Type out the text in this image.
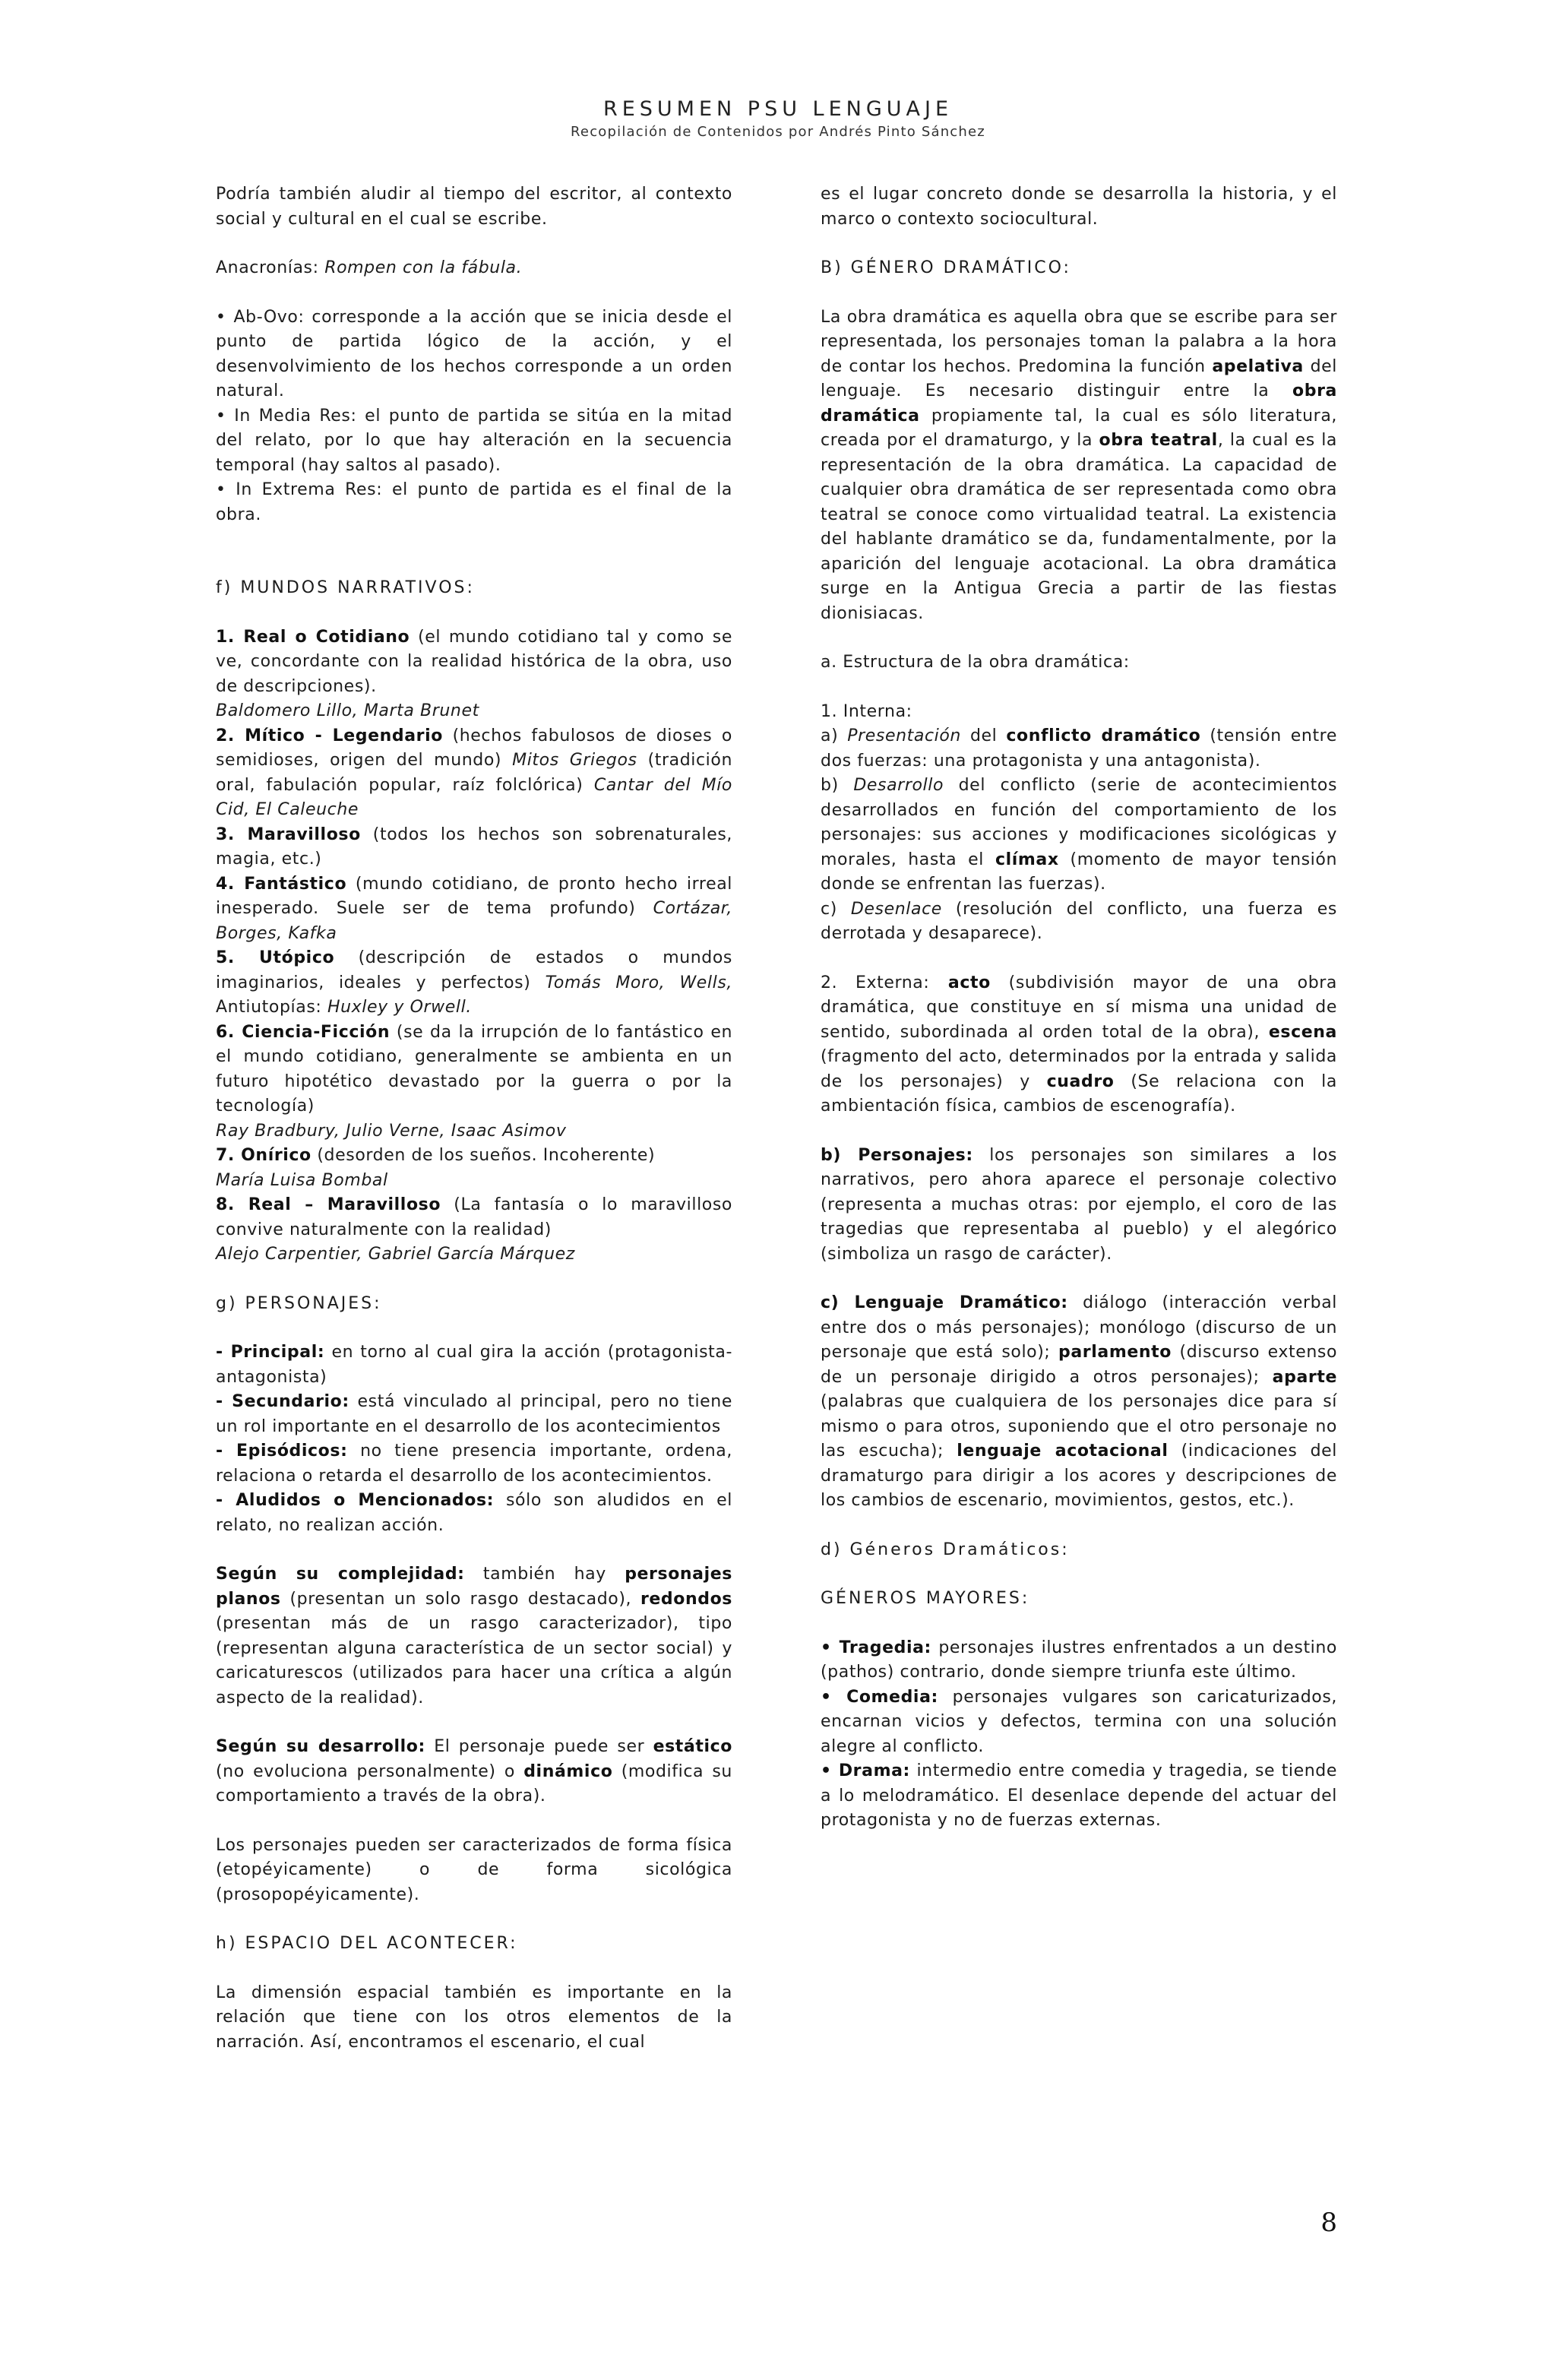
RESUMEN PSU LENGUAJE
Recopilación de Contenidos por Andrés Pinto Sánchez

Podría también aludir al tiempo del escritor, al contexto social y cultural en el cual se escribe.

Anacronías: Rompen con la fábula.

• Ab-Ovo: corresponde a la acción que se inicia desde el punto de partida lógico de la acción, y el desenvolvimiento de los hechos corresponde a un orden natural.

• In Media Res: el punto de partida se sitúa en la mitad del relato, por lo que hay alteración en la secuencia temporal (hay saltos al pasado).

• In Extrema Res: el punto de partida es el final de la obra.

f) MUNDOS NARRATIVOS:

1. Real o Cotidiano (el mundo cotidiano tal y como se ve, concordante con la realidad histórica de la obra, uso de descripciones).

Baldomero Lillo, Marta Brunet

2. Mítico - Legendario (hechos fabulosos de dioses o semidioses, origen del mundo) Mitos Griegos (tradición oral, fabulación popular, raíz folclórica) Cantar del Mío Cid, El Caleuche

3. Maravilloso (todos los hechos son sobrenaturales, magia, etc.)

4. Fantástico (mundo cotidiano, de pronto hecho irreal inesperado. Suele ser de tema profundo) Cortázar, Borges, Kafka

5. Utópico (descripción de estados o mundos imaginarios, ideales y perfectos) Tomás Moro, Wells, Antiutopías: Huxley y Orwell.

6. Ciencia-Ficción (se da la irrupción de lo fantástico en el mundo cotidiano, generalmente se ambienta en un futuro hipotético devastado por la guerra o por la tecnología)

Ray Bradbury, Julio Verne, Isaac Asimov

7. Onírico (desorden de los sueños. Incoherente)

María Luisa Bombal

8. Real – Maravilloso (La fantasía o lo maravilloso convive naturalmente con la realidad)

Alejo Carpentier, Gabriel García Márquez

g) PERSONAJES:

- Principal: en torno al cual gira la acción (protagonista-antagonista)

- Secundario: está vinculado al principal, pero no tiene un rol importante en el desarrollo de los acontecimientos

- Episódicos: no tiene presencia importante, ordena, relaciona o retarda el desarrollo de los acontecimientos.

- Aludidos o Mencionados: sólo son aludidos en el relato, no realizan acción.

Según su complejidad: también hay personajes planos (presentan un solo rasgo destacado), redondos (presentan más de un rasgo caracterizador), tipo (representan alguna característica de un sector social) y caricaturescos (utilizados para hacer una crítica a algún aspecto de la realidad).

Según su desarrollo: El personaje puede ser estático (no evoluciona personalmente) o dinámico (modifica su comportamiento a través de la obra).

Los personajes pueden ser caracterizados de forma física (etopéyicamente) o de forma sicológica (prosopopéyicamente).

h) ESPACIO DEL ACONTECER:

La dimensión espacial también es importante en la relación que tiene con los otros elementos de la narración. Así, encontramos el escenario, el cual

es el lugar concreto donde se desarrolla la historia, y el marco o contexto sociocultural.

B) GÉNERO DRAMÁTICO:

La obra dramática es aquella obra que se escribe para ser representada, los personajes toman la palabra a la hora de contar los hechos. Predomina la función apelativa del lenguaje. Es necesario distinguir entre la obra dramática propiamente tal, la cual es sólo literatura, creada por el dramaturgo, y la obra teatral, la cual es la representación de la obra dramática. La capacidad de cualquier obra dramática de ser representada como obra teatral se conoce como virtualidad teatral. La existencia del hablante dramático se da, fundamentalmente, por la aparición del lenguaje acotacional. La obra dramática surge en la Antigua Grecia a partir de las fiestas dionisiacas.

a. Estructura de la obra dramática:

1. Interna:

a) Presentación del conflicto dramático (tensión entre dos fuerzas: una protagonista y una antagonista).

b) Desarrollo del conflicto (serie de acontecimientos desarrollados en función del comportamiento de los personajes: sus acciones y modificaciones sicológicas y morales, hasta el clímax (momento de mayor tensión donde se enfrentan las fuerzas).

c) Desenlace (resolución del conflicto, una fuerza es derrotada y desaparece).

2. Externa: acto (subdivisión mayor de una obra dramática, que constituye en sí misma una unidad de sentido, subordinada al orden total de la obra), escena (fragmento del acto, determinados por la entrada y salida de los personajes) y cuadro (Se relaciona con la ambientación física, cambios de escenografía).

b) Personajes: los personajes son similares a los narrativos, pero ahora aparece el personaje colectivo (representa a muchas otras: por ejemplo, el coro de las tragedias que representaba al pueblo) y el alegórico (simboliza un rasgo de carácter).

c) Lenguaje Dramático: diálogo (interacción verbal entre dos o más personajes); monólogo (discurso de un personaje que está solo); parlamento (discurso extenso de un personaje dirigido a otros personajes); aparte (palabras que cualquiera de los personajes dice para sí mismo o para otros, suponiendo que el otro personaje no las escucha); lenguaje acotacional (indicaciones del dramaturgo para dirigir a los acores y descripciones de los cambios de escenario, movimientos, gestos, etc.).

d) Géneros Dramáticos:

GÉNEROS MAYORES:

• Tragedia: personajes ilustres enfrentados a un destino (pathos) contrario, donde siempre triunfa este último.

• Comedia: personajes vulgares son caricaturizados, encarnan vicios y defectos, termina con una solución alegre al conflicto.

• Drama: intermedio entre comedia y tragedia, se tiende a lo melodramático. El desenlace depende del actuar del protagonista y no de fuerzas externas.

8
